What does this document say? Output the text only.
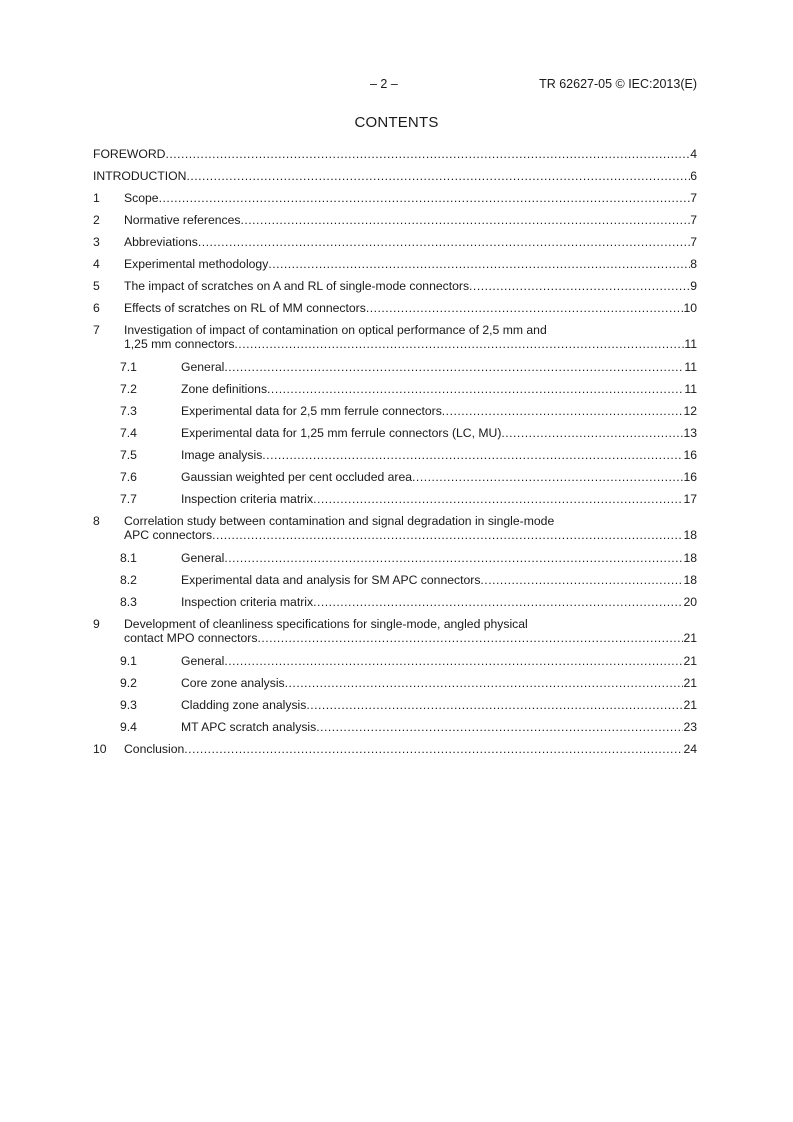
– 2 –	TR 62627-05 © IEC:2013(E)
CONTENTS
FOREWORD .....	4
INTRODUCTION .....	6
1 Scope .....	7
2 Normative references .....	7
3 Abbreviations .....	7
4 Experimental methodology .....	8
5 The impact of scratches on A and RL of single-mode connectors .....	9
6 Effects of scratches on RL of MM connectors .....	10
7 Investigation of impact of contamination on optical performance of 2,5 mm and
1,25 mm connectors .....	11
7.1	General .....	11
7.2	Zone definitions .....	11
7.3	Experimental data for 2,5 mm ferrule connectors .....	12
7.4	Experimental data for 1,25 mm ferrule connectors (LC, MU) .....	13
7.5	Image analysis .....	16
7.6	Gaussian weighted per cent occluded area .....	16
7.7	Inspection criteria matrix .....	17
8 Correlation study between contamination and signal degradation in single-mode
APC connectors .....	18
8.1	General .....	18
8.2	Experimental data and analysis for SM APC connectors .....	18
8.3	Inspection criteria matrix .....	20
9 Development of cleanliness specifications for single-mode, angled physical
contact MPO connectors .....	21
9.1	General .....	21
9.2	Core zone analysis .....	21
9.3	Cladding zone analysis .....	21
9.4	MT APC scratch analysis .....	23
10 Conclusion .....	24
